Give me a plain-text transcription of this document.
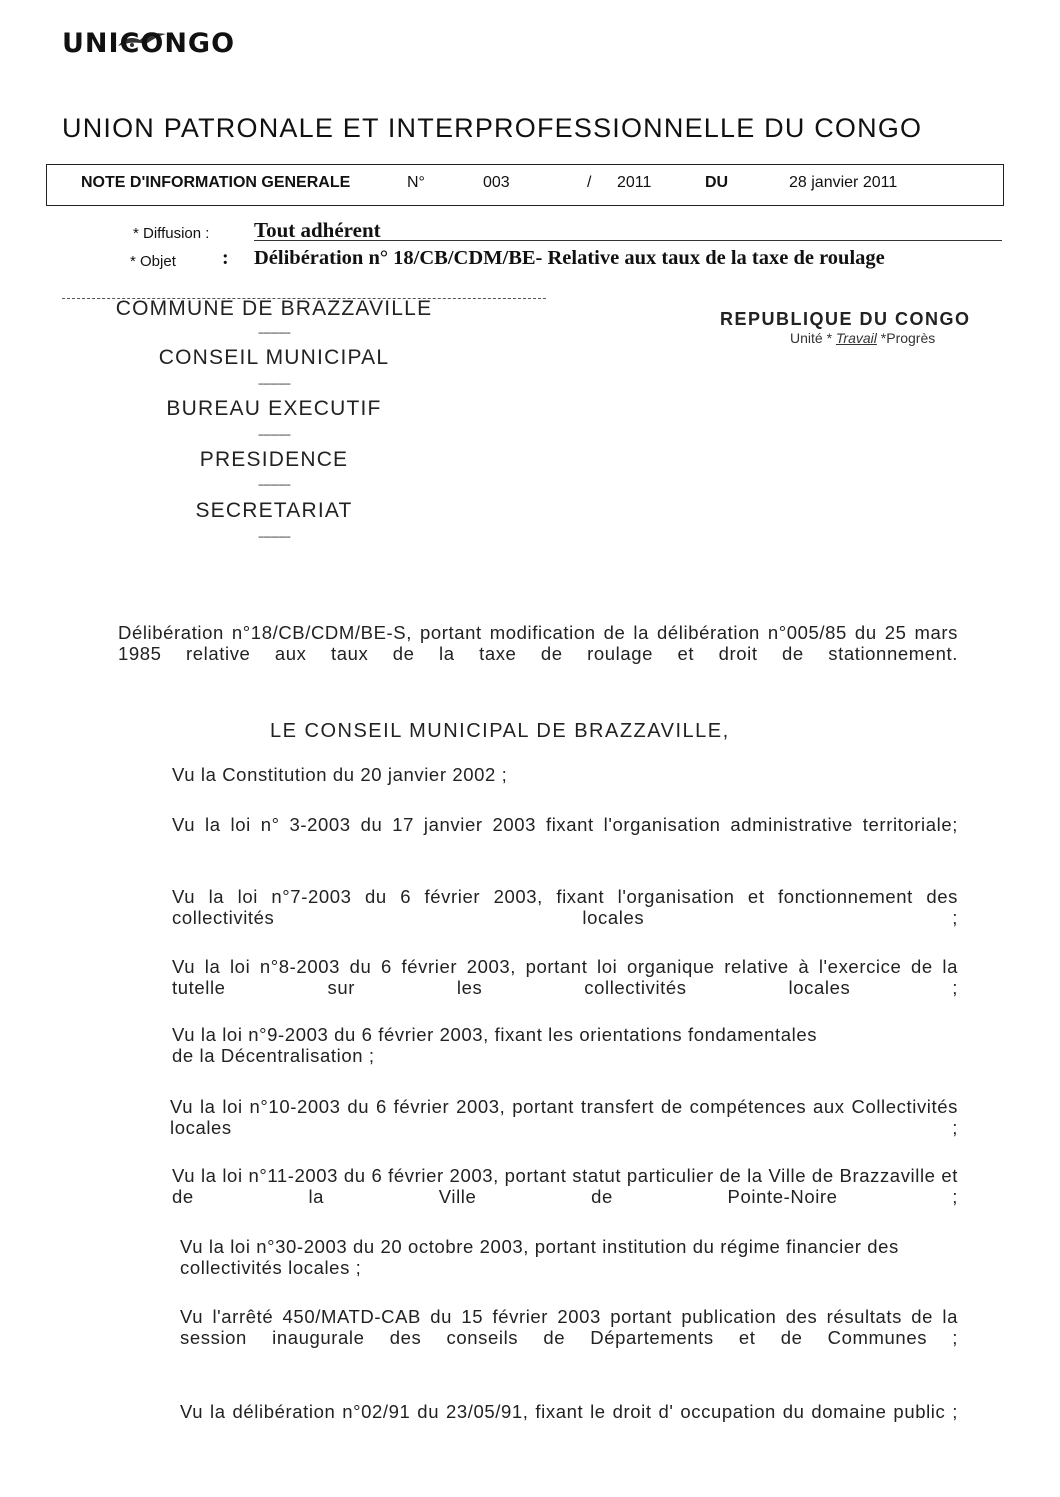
UNICONGO
UNION PATRONALE ET INTERPROFESSIONNELLE DU CONGO
NOTE D'INFORMATION GENERALE	N°	003	/ 2011	DU	28 janvier 2011
* Diffusion : Tout adhérent
* Objet : Délibération n° 18/CB/CDM/BE- Relative aux taux de la taxe de roulage
COMMUNE DE BRAZZAVILLE
------------
CONSEIL MUNICIPAL
------------
BUREAU EXECUTIF
------------
PRESIDENCE
------------
SECRETARIAT
------------
REPUBLIQUE DU CONGO
Unité * Travail *Progrès
Délibération n°18/CB/CDM/BE-S, portant modification de la délibération n°005/85 du 25 mars 1985 relative aux taux de la taxe de roulage et droit de stationnement.
LE CONSEIL MUNICIPAL DE BRAZZAVILLE,
Vu la Constitution du 20 janvier 2002 ;
Vu la loi n° 3-2003 du 17 janvier 2003 fixant l'organisation administrative territoriale;
Vu la loi n°7-2003 du 6 février 2003, fixant l'organisation et fonctionnement des collectivités locales ;
Vu la loi n°8-2003 du 6 février 2003, portant loi organique relative à l'exercice de la tutelle sur les collectivités locales ;
Vu la loi n°9-2003 du 6 février 2003, fixant les orientations fondamentales de la Décentralisation ;
Vu la loi n°10-2003 du 6 février 2003, portant transfert de compétences aux Collectivités locales ;
Vu la loi n°11-2003 du 6 février 2003, portant statut particulier de la Ville de Brazzaville et de la Ville de Pointe-Noire ;
Vu la loi n°30-2003 du 20 octobre 2003, portant institution du régime financier des collectivités locales ;
Vu l'arrêté 450/MATD-CAB du 15 février 2003 portant publication des résultats de la session inaugurale des conseils de Départements et de Communes ;
Vu la délibération n°02/91 du 23/05/91, fixant le droit d' occupation du domaine public ;
